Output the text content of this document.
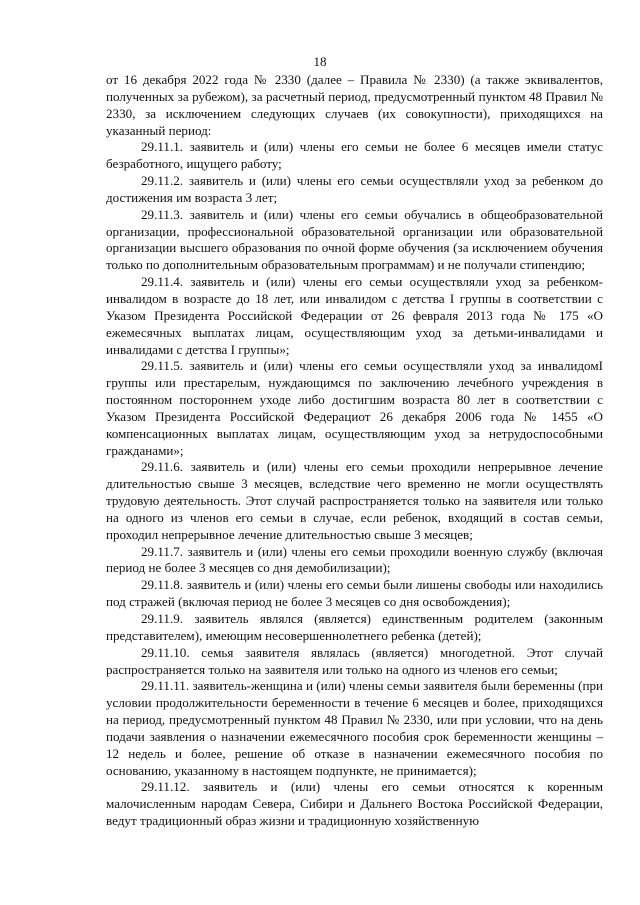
18

от 16 декабря 2022 года № 2330 (далее – Правила № 2330) (а также эквивалентов, полученных за рубежом), за расчетный период, предусмотренный пунктом 48 Правил № 2330, за исключением следующих случаев (их совокупности), приходящихся на указанный период:

29.11.1. заявитель и (или) члены его семьи не более 6 месяцев имели статус безработного, ищущего работу;

29.11.2. заявитель и (или) члены его семьи осуществляли уход за ребенком до достижения им возраста 3 лет;

29.11.3. заявитель и (или) члены его семьи обучались в общеобразовательной организации, профессиональной образовательной организации или образовательной организации высшего образования по очной форме обучения (за исключением обучения только по дополнительным образовательным программам) и не получали стипендию;

29.11.4. заявитель и (или) члены его семьи осуществляли уход за ребенком-инвалидом в возрасте до 18 лет, или инвалидом с детства I группы в соответствии с Указом Президента Российской Федерации от 26 февраля 2013 года № 175 «О ежемесячных выплатах лицам, осуществляющим уход за детьми-инвалидами и инвалидами с детства I группы»;

29.11.5. заявитель и (или) члены его семьи осуществляли уход за инвалидомI группы или престарелым, нуждающимся по заключению лечебного учреждения в постоянном постороннем уходе либо достигшим возраста 80 лет в соответствии с Указом Президента Российской Федерациот 26 декабря 2006 года № 1455 «О компенсационных выплатах лицам, осуществляющим уход за нетрудоспособными гражданами»;

29.11.6. заявитель и (или) члены его семьи проходили непрерывное лечение длительностью свыше 3 месяцев, вследствие чего временно не могли осуществлять трудовую деятельность. Этот случай распространяется только на заявителя или только на одного из членов его семьи в случае, если ребенок, входящий в состав семьи, проходил непрерывное лечение длительностью свыше 3 месяцев;

29.11.7. заявитель и (или) члены его семьи проходили военную службу (включая период не более 3 месяцев со дня демобилизации);

29.11.8. заявитель и (или) члены его семьи были лишены свободы или находились под стражей (включая период не более 3 месяцев со дня освобождения);

29.11.9. заявитель являлся (является) единственным родителем (законным представителем), имеющим несовершеннолетнего ребенка (детей);

29.11.10. семья заявителя являлась (является) многодетной. Этот случай распространяется только на заявителя или только на одного из членов его семьи;

29.11.11. заявитель-женщина и (или) члены семьи заявителя были беременны (при условии продолжительности беременности в течение 6 месяцев и более, приходящихся на период, предусмотренный пунктом 48 Правил № 2330, или при условии, что на день подачи заявления о назначении ежемесячного пособия срок беременности женщины – 12 недель и более, решение об отказе в назначении ежемесячного пособия по основанию, указанному в настоящем подпункте, не принимается);

29.11.12. заявитель и (или) члены его семьи относятся к коренным малочисленным народам Севера, Сибири и Дальнего Востока Российской Федерации, ведут традиционный образ жизни и традиционную хозяйственную
